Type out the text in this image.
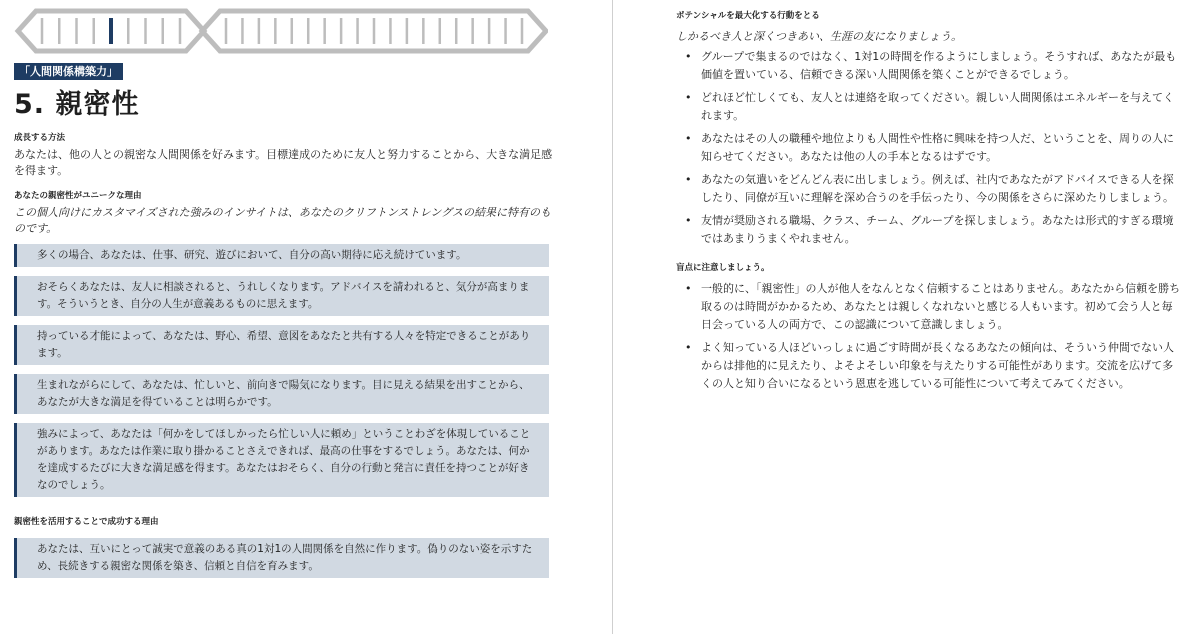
「人間関係構築力」
5. 親密性

成長する方法

あなたは、他の人との親密な人間関係を好みます。目標達成のために友人と努力することから、大きな満足感を得ます。

あなたの親密性がユニークな理由

この個人向けにカスタマイズされた強みのインサイトは、あなたのクリフトンストレングスの結果に特有のものです。

多くの場合、あなたは、仕事、研究、遊びにおいて、自分の高い期待に応え続けています。
おそらくあなたは、友人に相談されると、うれしくなります。アドバイスを請われると、気分が高まります。そういうとき、自分の人生が意義あるものに思えます。
持っている才能によって、あなたは、野心、希望、意図をあなたと共有する人々を特定できることがあります。
生まれながらにして、あなたは、忙しいと、前向きで陽気になります。目に見える結果を出すことから、あなたが大きな満足を得ていることは明らかです。
強みによって、あなたは「何かをしてほしかったら忙しい人に頼め」ということわざを体現していることがあります。あなたは作業に取り掛かることさえできれば、最高の仕事をするでしょう。あなたは、何かを達成するたびに大きな満足感を得ます。あなたはおそらく、自分の行動と発言に責任を持つことが好きなのでしょう。

親密性を活用することで成功する理由

あなたは、互いにとって誠実で意義のある真の1対1の人間関係を自然に作ります。偽りのない姿を示すため、長続きする親密な関係を築き、信頼と自信を育みます。

ポテンシャルを最大化する行動をとる

しかるべき人と深くつきあい、生涯の友になりましょう。

• グループで集まるのではなく、1対1の時間を作るようにしましょう。そうすれば、あなたが最も価値を置いている、信頼できる深い人間関係を築くことができるでしょう。
• どれほど忙しくても、友人とは連絡を取ってください。親しい人間関係はエネルギーを与えてくれます。
• あなたはその人の職種や地位よりも人間性や性格に興味を持つ人だ、ということを、周りの人に知らせてください。あなたは他の人の手本となるはずです。
• あなたの気遣いをどんどん表に出しましょう。例えば、社内であなたがアドバイスできる人を探したり、同僚が互いに理解を深め合うのを手伝ったり、今の関係をさらに深めたりしましょう。
• 友情が奨励される職場、クラス、チーム、グループを探しましょう。あなたは形式的すぎる環境ではあまりうまくやれません。

盲点に注意しましょう。

• 一般的に、「親密性」の人が他人をなんとなく信頼することはありません。あなたから信頼を勝ち取るのは時間がかかるため、あなたとは親しくなれないと感じる人もいます。初めて会う人と毎日会っている人の両方で、この認識について意識しましょう。
• よく知っている人ほどいっしょに過ごす時間が長くなるあなたの傾向は、そういう仲間でない人からは排他的に見えたり、よそよそしい印象を与えたりする可能性があります。交流を広げて多くの人と知り合いになるという恩恵を逃している可能性について考えてみてください。
